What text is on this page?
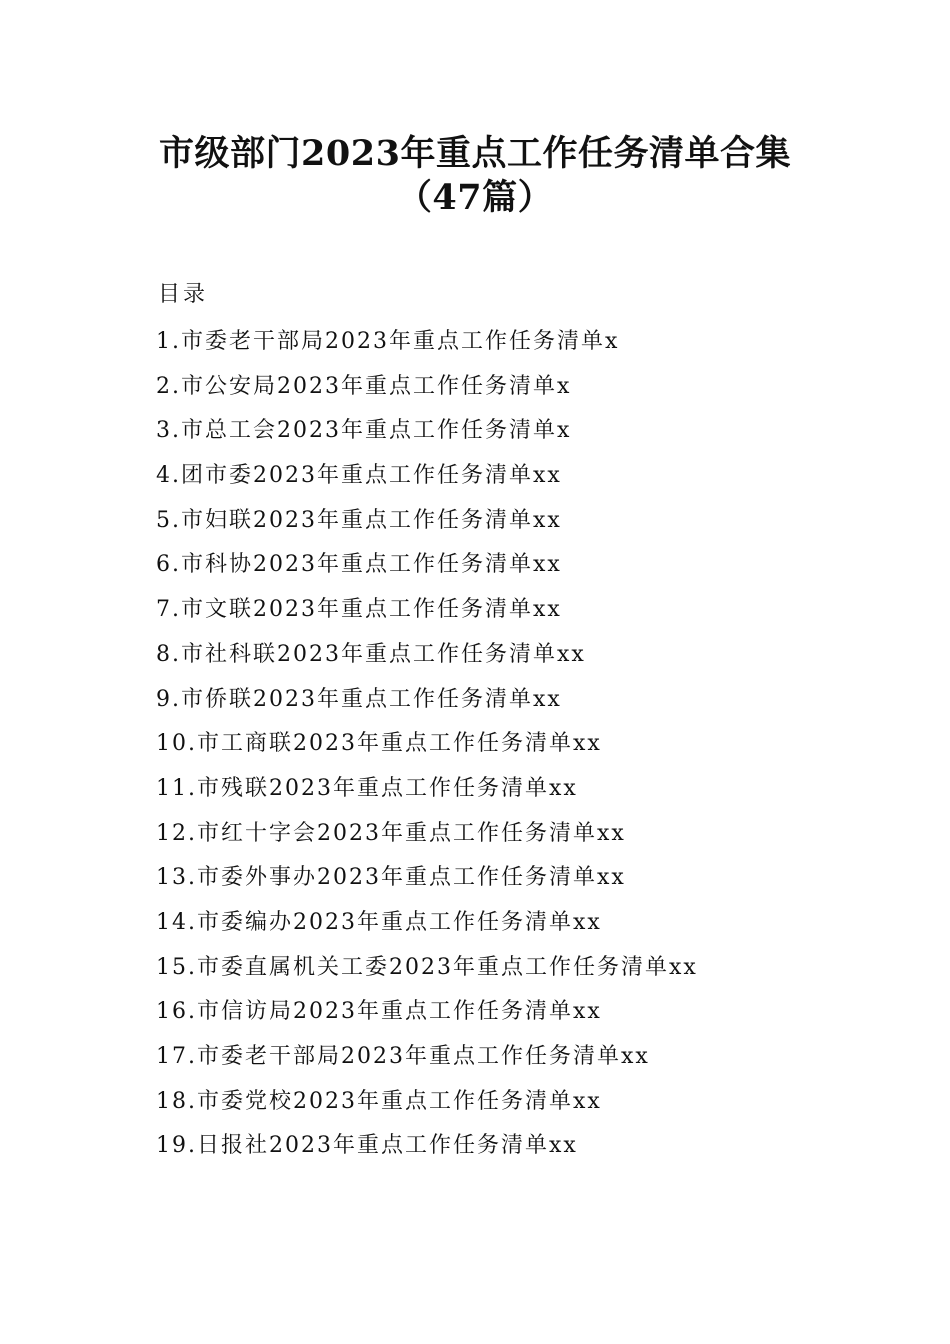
市级部门2023年重点工作任务清单合集（47篇）
目录
1.市委老干部局2023年重点工作任务清单x
2.市公安局2023年重点工作任务清单x
3.市总工会2023年重点工作任务清单x
4.团市委2023年重点工作任务清单xx
5.市妇联2023年重点工作任务清单xx
6.市科协2023年重点工作任务清单xx
7.市文联2023年重点工作任务清单xx
8.市社科联2023年重点工作任务清单xx
9.市侨联2023年重点工作任务清单xx
10.市工商联2023年重点工作任务清单xx
11.市残联2023年重点工作任务清单xx
12.市红十字会2023年重点工作任务清单xx
13.市委外事办2023年重点工作任务清单xx
14.市委编办2023年重点工作任务清单xx
15.市委直属机关工委2023年重点工作任务清单xx
16.市信访局2023年重点工作任务清单xx
17.市委老干部局2023年重点工作任务清单xx
18.市委党校2023年重点工作任务清单xx
19.日报社2023年重点工作任务清单xx
